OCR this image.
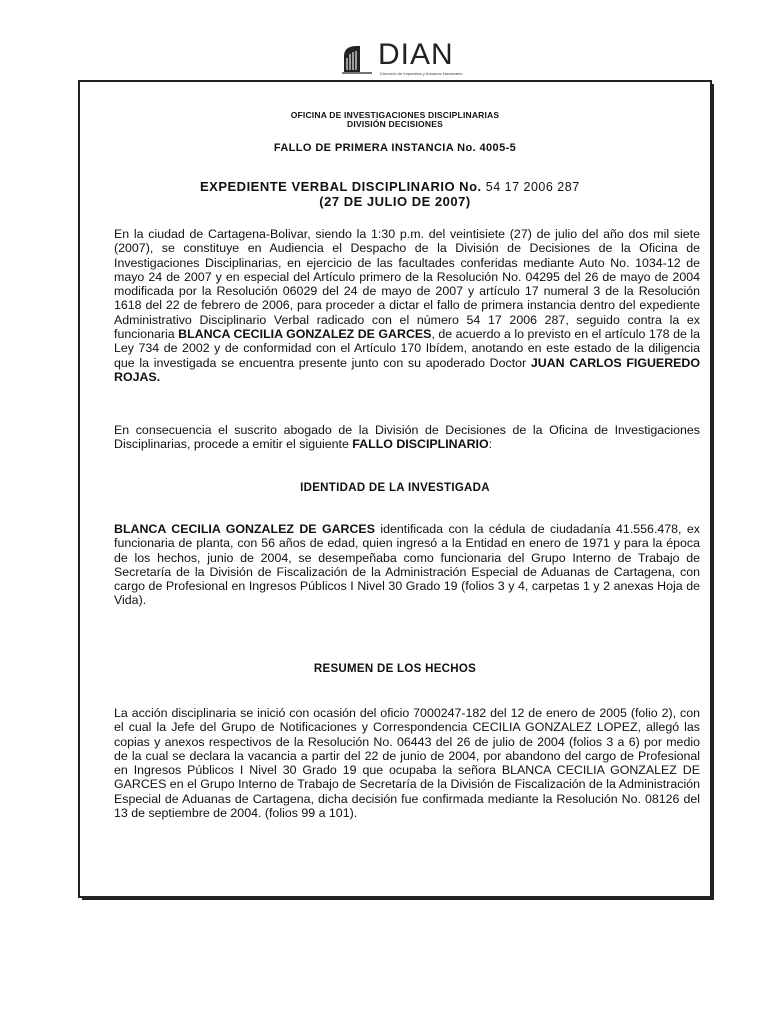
DIAN
Dirección de Impuestos y Aduanas Nacionales
OFICINA DE INVESTIGACIONES DISCIPLINARIAS
DIVISIÓN DECISIONES
FALLO DE PRIMERA INSTANCIA No. 4005-5
EXPEDIENTE VERBAL DISCIPLINARIO No. 54 17 2006 287
(27 DE JULIO DE 2007)
En la ciudad de Cartagena-Bolivar, siendo la 1:30 p.m. del veintisiete (27) de julio del año dos mil siete (2007), se constituye en Audiencia el Despacho de la División de Decisiones de la Oficina de Investigaciones Disciplinarias, en ejercicio de las facultades conferidas mediante Auto No. 1034-12 de mayo 24 de 2007 y en especial del Artículo primero de la Resolución No. 04295 del 26 de mayo de 2004 modificada por la Resolución 06029 del 24 de mayo de 2007 y artículo 17 numeral 3 de la Resolución 1618 del 22 de febrero de 2006, para proceder a dictar el fallo de primera instancia dentro del expediente Administrativo Disciplinario Verbal radicado con el número 54 17 2006 287, seguido contra la ex funcionaria BLANCA CECILIA GONZALEZ DE GARCES, de acuerdo a lo previsto en el artículo 178 de la Ley 734 de 2002 y de conformidad con el Artículo 170 Ibídem, anotando en este estado de la diligencia que la investigada se encuentra presente junto con su apoderado Doctor JUAN CARLOS FIGUEREDO ROJAS.
En consecuencia el suscrito abogado de la División de Decisiones de la Oficina de Investigaciones Disciplinarias, procede a emitir el siguiente FALLO DISCIPLINARIO:
IDENTIDAD DE LA INVESTIGADA
BLANCA CECILIA GONZALEZ DE GARCES identificada con la cédula de ciudadanía 41.556.478, ex funcionaria de planta, con 56 años de edad, quien ingresó a la Entidad en enero de 1971 y para la época de los hechos, junio de 2004, se desempeñaba como funcionaria del Grupo Interno de Trabajo de Secretaría de la División de Fiscalización de la Administración Especial de Aduanas de Cartagena, con cargo de Profesional en Ingresos Públicos I Nivel 30 Grado 19 (folios 3 y 4, carpetas 1 y 2 anexas Hoja de Vida).
RESUMEN DE LOS HECHOS
La acción disciplinaria se inició con ocasión del oficio 7000247-182 del 12 de enero de 2005 (folio 2), con el cual la Jefe del Grupo de Notificaciones y Correspondencia CECILIA GONZALEZ LOPEZ, allegó las copias y anexos respectivos de la Resolución No. 06443 del 26 de julio de 2004 (folios 3 a 6) por medio de la cual se declara la vacancia a partir del 22 de junio de 2004, por abandono del cargo de Profesional en Ingresos Públicos I Nivel 30 Grado 19 que ocupaba la señora BLANCA CECILIA GONZALEZ DE GARCES en el Grupo Interno de Trabajo de Secretaría de la División de Fiscalización de la Administración Especial de Aduanas de Cartagena, dicha decisión fue confirmada mediante la Resolución No. 08126 del 13 de septiembre de 2004. (folios 99 a 101).
